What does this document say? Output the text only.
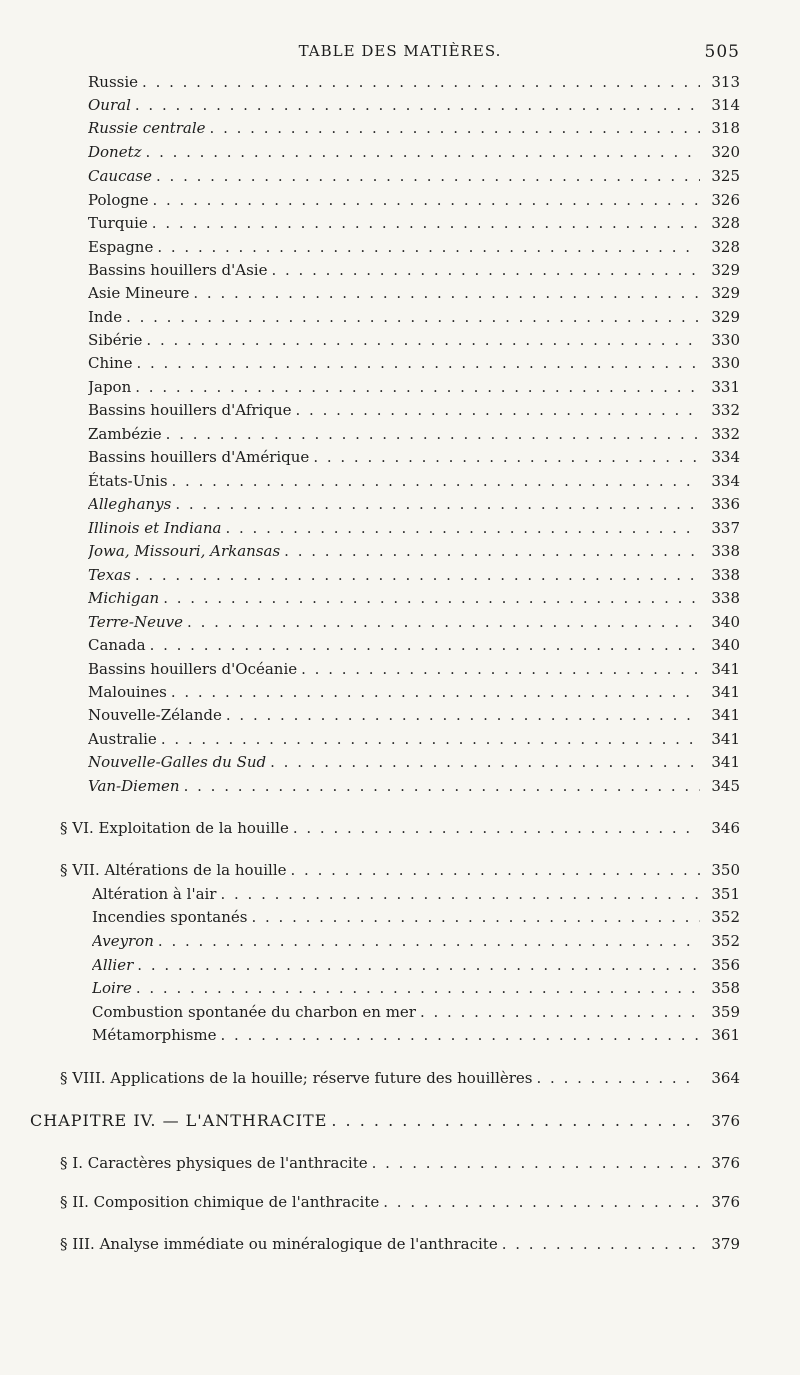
TABLE DES MATIÈRES.	505
Russie . . .	313
Oural . . .	314
Russie centrale . . .	318
Donetz . . .	320
Caucase . . .	325
Pologne . . .	326
Turquie . . .	328
Espagne . . .	328
Bassins houillers d'Asie . . .	329
Asie Mineure . . .	329
Inde . . .	329
Sibérie . . .	330
Chine . . .	330
Japon . . .	331
Bassins houillers d'Afrique . . .	332
Zambézie . . .	332
Bassins houillers d'Amérique . . .	334
États-Unis . . .	334
Alleghanys . . .	336
Illinois et Indiana . . .	337
Jowa, Missouri, Arkansas . . .	338
Texas . . .	338
Michigan . . .	338
Terre-Neuve . . .	340
Canada . . .	340
Bassins houillers d'Océanie . . .	341
Malouines . . .	341
Nouvelle-Zélande . . .	341
Australie . . .	341
Nouvelle-Galles du Sud . . .	341
Van-Diemen . . .	345
§ VI. Exploitation de la houille . . .	346
§ VII. Altérations de la houille . . .	350
Altération à l'air . . .	351
Incendies spontanés . . .	352
Aveyron . . .	352
Allier . . .	356
Loire . . .	358
Combustion spontanée du charbon en mer . . .	359
Métamorphisme . . .	361
§ VIII. Applications de la houille; réserve future des houillères . . .	364
CHAPITRE IV. — L'ANTHRACITE . . .	376
§ I. Caractères physiques de l'anthracite . . .	376
§ II. Composition chimique de l'anthracite . . .	376
§ III. Analyse immédiate ou minéralogique de l'anthracite . . .	379
